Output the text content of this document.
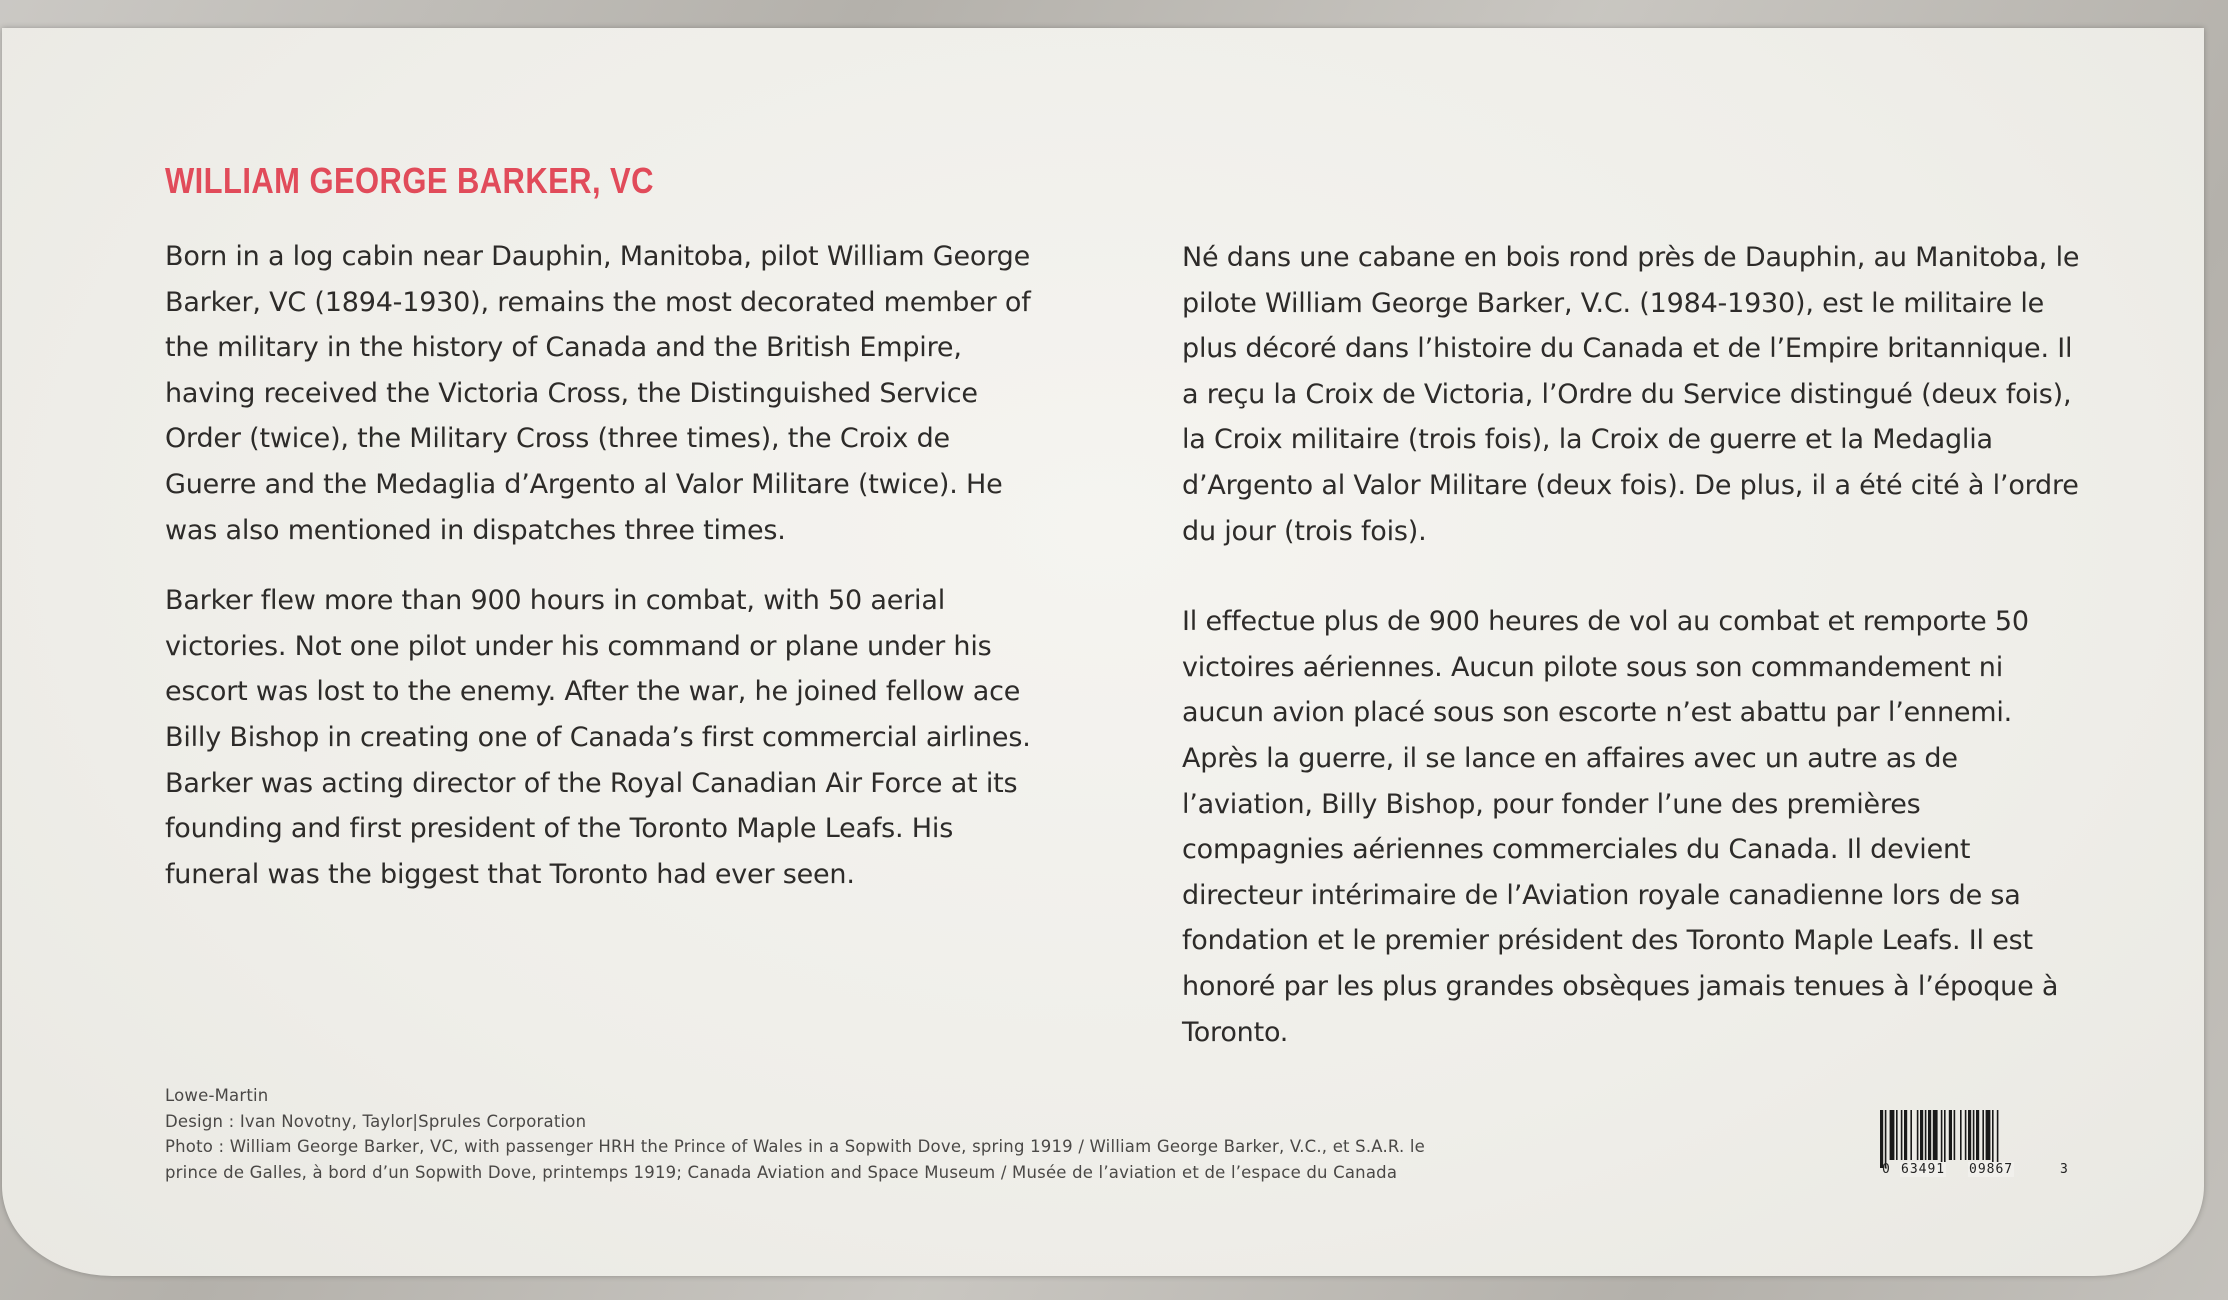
WILLIAM GEORGE BARKER, VC

Born in a log cabin near Dauphin, Manitoba, pilot William George Barker, VC (1894-1930), remains the most decorated member of the military in the history of Canada and the British Empire, having received the Victoria Cross, the Distinguished Service Order (twice), the Military Cross (three times), the Croix de Guerre and the Medaglia d’Argento al Valor Militare (twice). He was also mentioned in dispatches three times.

Barker flew more than 900 hours in combat, with 50 aerial victories. Not one pilot under his command or plane under his escort was lost to the enemy. After the war, he joined fellow ace Billy Bishop in creating one of Canada’s first commercial airlines. Barker was acting director of the Royal Canadian Air Force at its founding and first president of the Toronto Maple Leafs. His funeral was the biggest that Toronto had ever seen.

Né dans une cabane en bois rond près de Dauphin, au Manitoba, le pilote William George Barker, V.C. (1984-1930), est le militaire le plus décoré dans l’histoire du Canada et de l’Empire britannique. Il a reçu la Croix de Victoria, l’Ordre du Service distingué (deux fois), la Croix militaire (trois fois), la Croix de guerre et la Medaglia d’Argento al Valor Militare (deux fois). De plus, il a été cité à l’ordre du jour (trois fois).

Il effectue plus de 900 heures de vol au combat et remporte 50 victoires aériennes. Aucun pilote sous son commandement ni aucun avion placé sous son escorte n’est abattu par l’ennemi. Après la guerre, il se lance en affaires avec un autre as de l’aviation, Billy Bishop, pour fonder l’une des premières compagnies aériennes commerciales du Canada. Il devient directeur intérimaire de l’Aviation royale canadienne lors de sa fondation et le premier président des Toronto Maple Leafs. Il est honoré par les plus grandes obsèques jamais tenues à l’époque à Toronto.

Lowe-Martin
Design : Ivan Novotny, Taylor|Sprules Corporation
Photo : William George Barker, VC, with passenger HRH the Prince of Wales in a Sopwith Dove, spring 1919 / William George Barker, V.C., et S.A.R. le
prince de Galles, à bord d’un Sopwith Dove, printemps 1919; Canada Aviation and Space Museum / Musée de l’aviation et de l’espace du Canada	0 63491 09867	3
